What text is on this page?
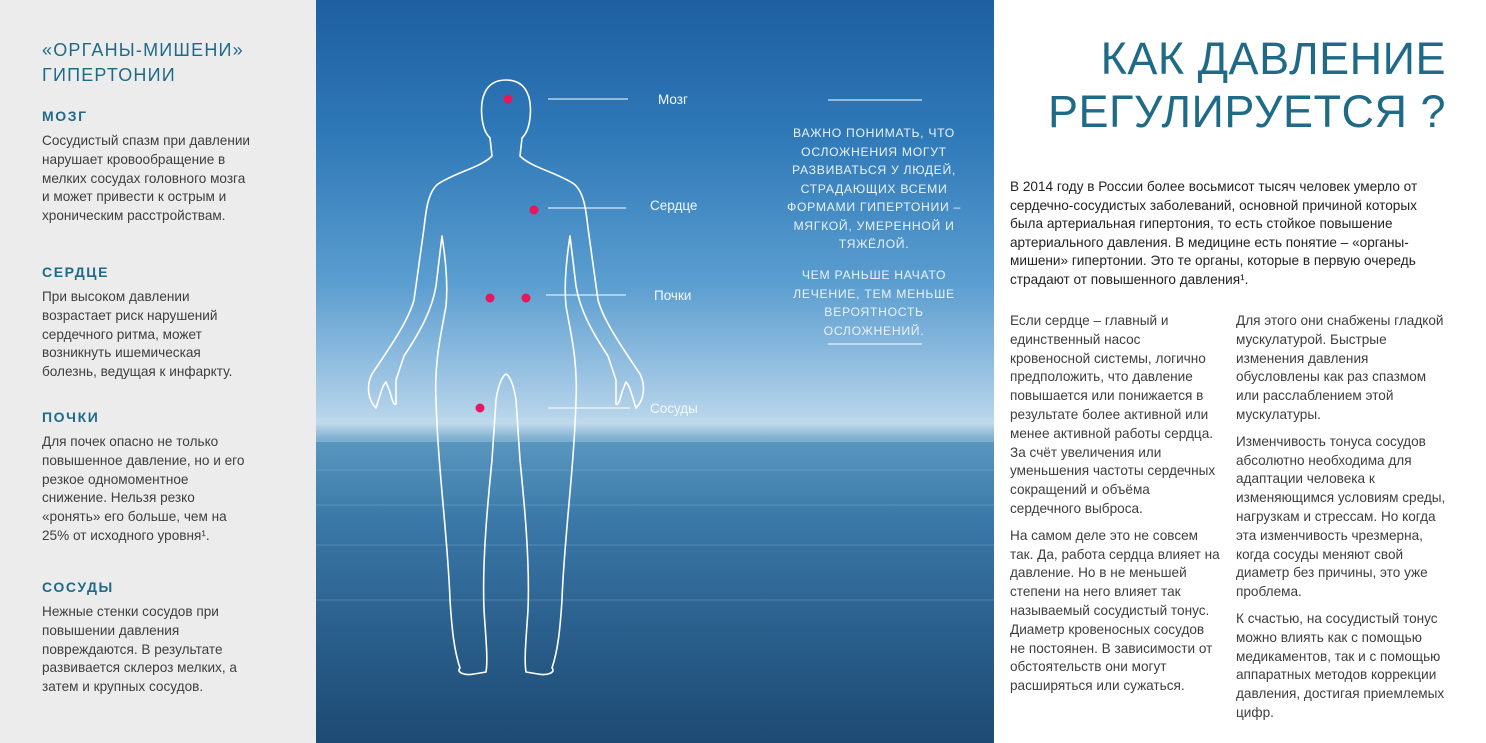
«ОРГАНЫ-МИШЕНИ»
ГИПЕРТОНИИ
МОЗГ

Сосудистый спазм при давлении нарушает кровообращение в мелких сосудах головного мозга и может привести к острым и хроническим расстройствам.

СЕРДЦЕ

При высоком давлении возрастает риск нарушений сердечного ритма, может возникнуть ишемическая болезнь, ведущая к инфаркту.

ПОЧКИ

Для почек опасно не только повышенное давление, но и его резкое одномоментное снижение. Нельзя резко «ронять» его больше, чем на 25% от исходного уровня¹.

СОСУДЫ

Нежные стенки сосудов при повышении давления повреждаются. В результате развивается склероз мелких, а затем и крупных сосудов.

Мозг
Сердце
Почки
Сосуды
ВАЖНО ПОНИМАТЬ, ЧТО ОСЛОЖНЕНИЯ МОГУТ РАЗВИВАТЬСЯ У ЛЮДЕЙ, СТРАДАЮЩИХ ВСЕМИ ФОРМАМИ ГИПЕРТОНИИ – МЯГКОЙ, УМЕРЕННОЙ И ТЯЖЁЛОЙ.
ЧЕМ РАНЬШЕ НАЧАТО ЛЕЧЕНИЕ, ТЕМ МЕНЬШЕ ВЕРОЯТНОСТЬ ОСЛОЖНЕНИЙ.
КАК ДАВЛЕНИЕ
РЕГУЛИРУЕТСЯ ?

В 2014 году в России более восьмисот тысяч человек умерло от сердечно-сосудистых заболеваний, основной причиной которых была артериальная гипертония, то есть стойкое повышение артериального давления. В медицине есть понятие – «органы-мишени» гипертонии. Это те органы, которые в первую очередь страдают от повышенного давления¹.

Если сердце – главный и единственный насос кровеносной системы, логично предположить, что давление повышается или понижается в результате более активной или менее активной работы сердца. За счёт увеличения или уменьшения частоты сердечных сокращений и объёма сердечного выброса.

На самом деле это не совсем так. Да, работа сердца влияет на давление. Но в не меньшей степени на него влияет так называемый сосудистый тонус. Диаметр кровеносных сосудов не постоянен. В зависимости от обстоятельств они могут расширяться или сужаться.

Для этого они снабжены гладкой мускулатурой. Быстрые изменения давления обусловлены как раз спазмом или расслаблением этой мускулатуры.

Изменчивость тонуса сосудов абсолютно необходима для адаптации человека к изменяющимся условиям среды, нагрузкам и стрессам. Но когда эта изменчивость чрезмерна, когда сосуды меняют свой диаметр без причины, это уже проблема.

К счастью, на сосудистый тонус можно влиять как с помощью медикаментов, так и с помощью аппаратных методов коррекции давления, достигая приемлемых цифр.
